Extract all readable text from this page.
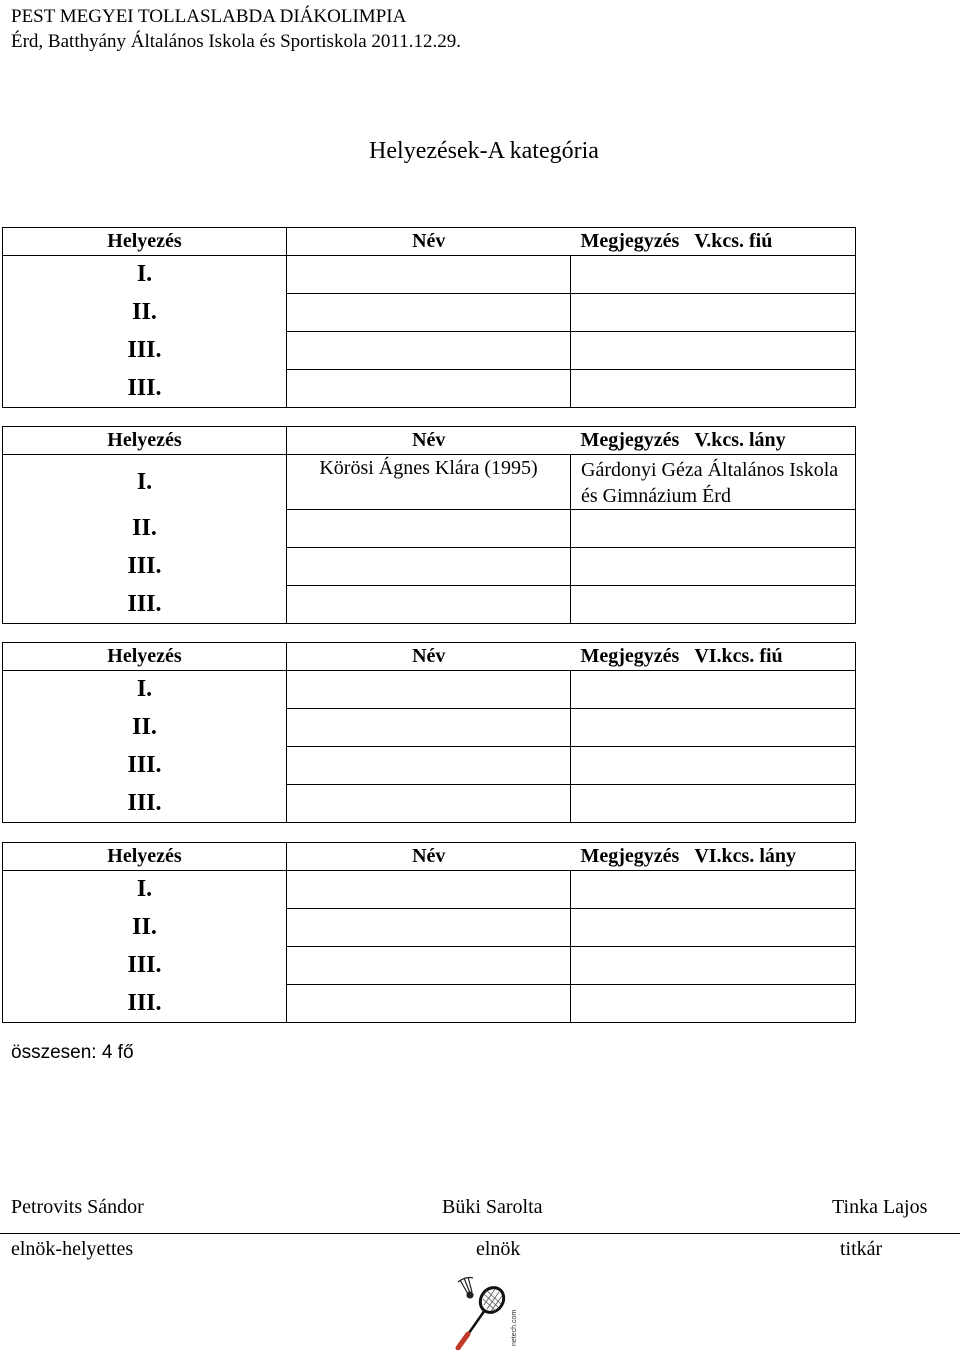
PEST MEGYEI TOLLASLABDA DIÁKOLIMPIA
Érd, Batthyány Általános Iskola és Sportiskola 2011.12.29.
Helyezések-A kategória
Helyezés	Név	Megjegyzés V.kcs. fiú
I.		
II.		
III.		
III.		
Helyezés	Név	Megjegyzés V.kcs. lány
I.	Körösi Ágnes Klára (1995)	Gárdonyi Géza Általános Iskola és Gimnázium Érd
II.		
III.		
III.		
Helyezés	Név	Megjegyzés VI.kcs. fiú
I.		
II.		
III.		
III.		
Helyezés	Név	Megjegyzés VI.kcs. lány
I.		
II.		
III.		
III.		
összesen: 4 fő
Petrovits Sándor	Büki Sarolta	Tinka Lajos
elnök-helyettes	elnök	titkár
netech.com
